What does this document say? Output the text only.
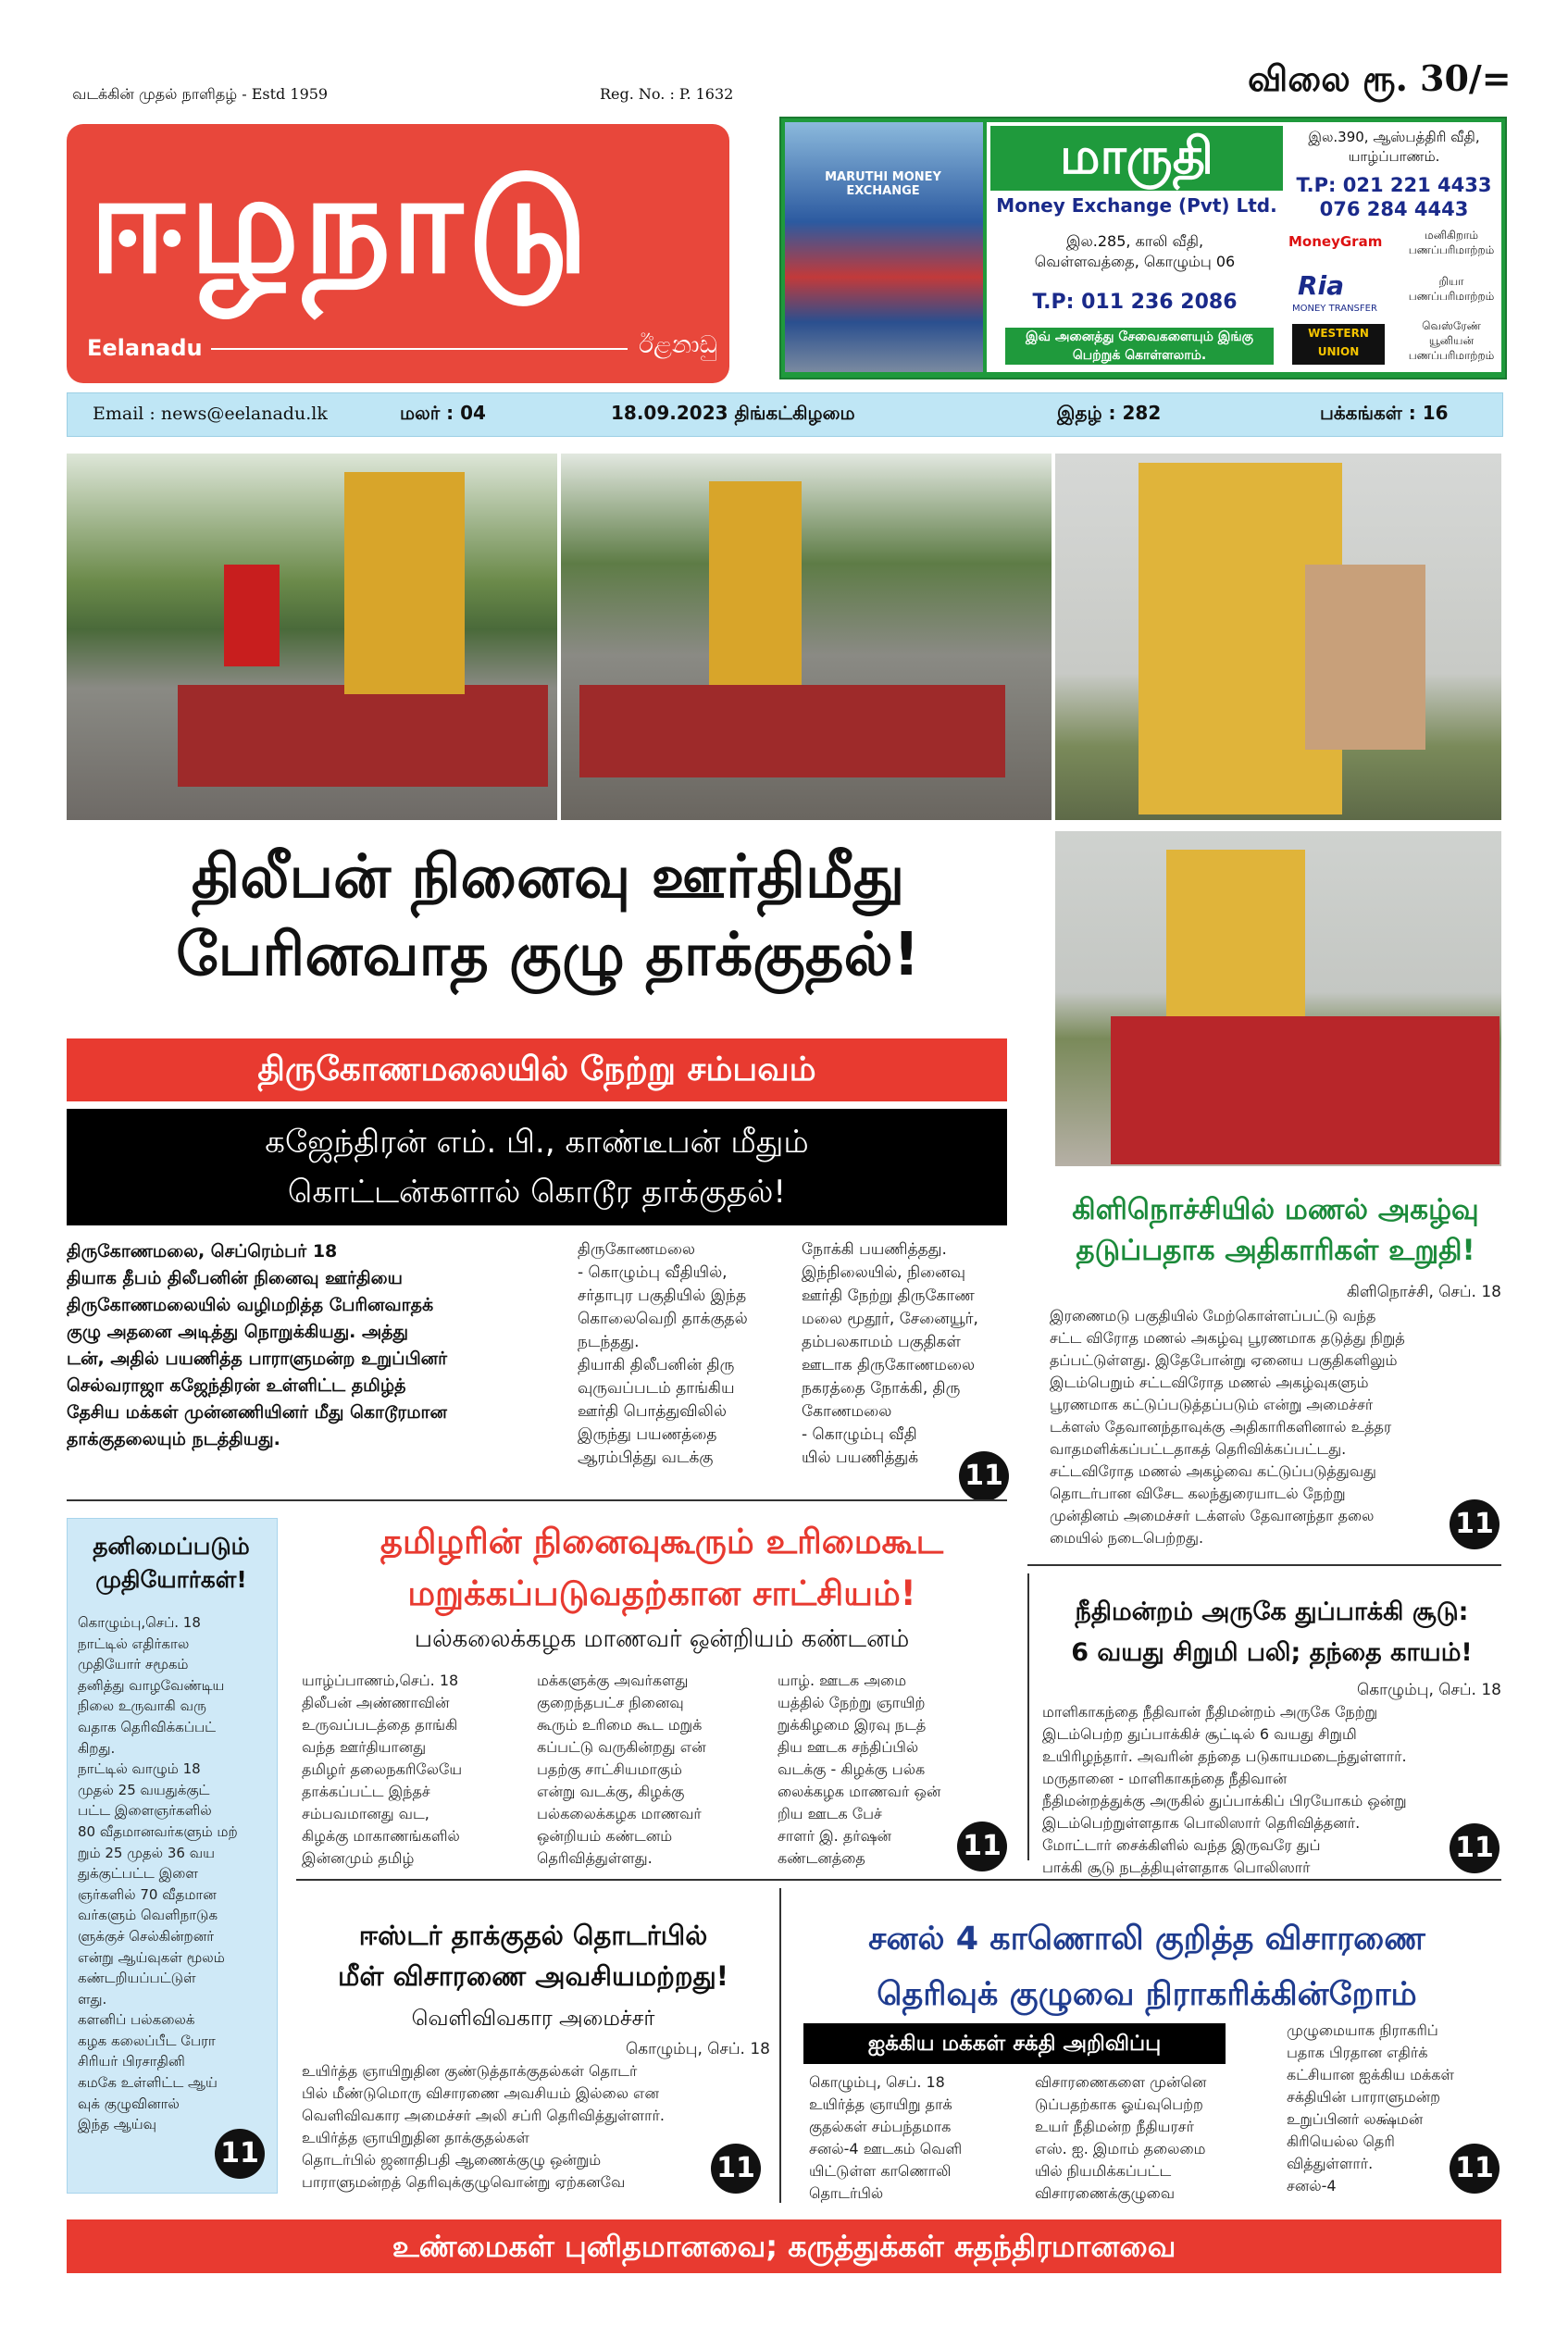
வடக்கின் முதல் நாளிதழ் - Estd 1959	Reg. No. : P. 1632	விலை ரூ. 30/=
ஈழநாடு
Eelanadu	ඊළනාඩු
MARUTHI MONEY EXCHANGE
மாருதி
Money Exchange (Pvt) Ltd.
இல.285, காலி வீதி, வெள்ளவத்தை, கொழும்பு 06
T.P: 011 236 2086
இவ் அனைத்து சேவைகளையும் இங்கு பெற்றுக் கொள்ளலாம்.
இல.390, ஆஸ்பத்திரி வீதி, யாழ்ப்பாணம்.
T.P: 021 221 4433
076 284 4443
MoneyGram	மனிகிறாம் பணப்பரிமாற்றம்
Ria
MONEY TRANSFER
றியா பணப்பரிமாற்றம்
WESTERN UNION
வெஸ்ரேண் யூனியன் பணப்பரிமாற்றம்
Email : news@eelanadu.lk	மலர் : 04	18.09.2023 திங்கட்கிழமை	இதழ் : 282	பக்கங்கள் : 16
திலீபன் நினைவு ஊர்திமீது
பேரினவாத குழு தாக்குதல்!
திருகோணமலையில் நேற்று சம்பவம்
கஜேந்திரன் எம். பி., காண்டீபன் மீதும்
கொட்டன்களால் கொடூர தாக்குதல்!
திருகோணமலை, செப்ரெம்பர் 18
தியாக தீபம் திலீபனின் நினைவு ஊர்தியை
திருகோணமலையில் வழிமறித்த பேரினவாதக்
குழு அதனை அடித்து நொறுக்கியது. அத்து
டன், அதில் பயணித்த பாராளுமன்ற உறுப்பினர்
செல்வராஜா கஜேந்திரன் உள்ளிட்ட தமிழ்த்
தேசிய மக்கள் முன்னணியினர் மீது கொடூரமான
தாக்குதலையும் நடத்தியது.
திருகோணமலை
- கொழும்பு வீதியில்,
சர்தாபுர பகுதியில் இந்த
கொலைவெறி தாக்குதல்
நடந்தது.
தியாகி திலீபனின் திரு
வுருவப்படம் தாங்கிய
ஊர்தி பொத்துவிலில்
இருந்து பயணத்தை
ஆரம்பித்து வடக்கு
நோக்கி பயணித்தது.
இந்நிலையில், நினைவு
ஊர்தி நேற்று திருகோண
மலை மூதூர், சேனையூர்,
தம்பலகாமம் பகுதிகள்
ஊடாக திருகோணமலை
நகரத்தை நோக்கி, திரு
கோணமலை
- கொழும்பு வீதி
யில் பயணித்துக்
11
கிளிநொச்சியில் மணல் அகழ்வு
தடுப்பதாக அதிகாரிகள் உறுதி!
கிளிநொச்சி, செப். 18
இரணைமடு பகுதியில் மேற்கொள்ளப்பட்டு வந்த
சட்ட விரோத மணல் அகழ்வு பூரணமாக தடுத்து நிறுத்
தப்பட்டுள்ளது. இதேபோன்று ஏனைய பகுதிகளிலும்
இடம்பெறும் சட்டவிரோத மணல் அகழ்வுகளும்
பூரணமாக கட்டுப்படுத்தப்படும் என்று அமைச்சர்
டக்ளஸ் தேவானந்தாவுக்கு அதிகாரிகளினால் உத்தர
வாதமளிக்கப்பட்டதாகத் தெரிவிக்கப்பட்டது.
சட்டவிரோத மணல் அகழ்வை கட்டுப்படுத்துவது
தொடர்பான விசேட கலந்துரையாடல் நேற்று
முன்தினம் அமைச்சர் டக்ளஸ் தேவானந்தா தலை
மையில் நடைபெற்றது.	11
தனிமைப்படும்
முதியோர்கள்!
கொழும்பு,செப். 18
நாட்டில் எதிர்கால
முதியோர் சமூகம்
தனித்து வாழவேண்டிய
நிலை உருவாகி வரு
வதாக தெரிவிக்கப்பட்
கிறது.
நாட்டில் வாழும் 18
முதல் 25 வயதுக்குட்
பட்ட இளைஞர்களில்
80 வீதமானவர்களும் மற்
றும் 25 முதல் 36 வய
துக்குட்பட்ட இளை
ஞர்களில் 70 வீதமான
வர்களும் வெளிநாடுக
ளுக்குச் செல்கின்றனர்
என்று ஆய்வுகள் மூலம்
கண்டறியப்பட்டுள்
ளது.
களனிப் பல்கலைக்
கழக கலைப்பீட பேரா
சிரியர் பிரசாதினி
கமகே உள்ளிட்ட ஆய்
வுக் குழுவினால்
இந்த ஆய்வு
11
தமிழரின் நினைவுகூரும் உரிமைகூட
மறுக்கப்படுவதற்கான சாட்சியம்!
பல்கலைக்கழக மாணவர் ஒன்றியம் கண்டனம்
யாழ்ப்பாணம்,செப். 18
திலீபன் அண்ணாவின்
உருவப்படத்தை தாங்கி
வந்த ஊர்தியானது
தமிழர் தலைநகரிலேயே
தாக்கப்பட்ட இந்தச்
சம்பவமானது வட,
கிழக்கு மாகாணங்களில்
இன்னமும் தமிழ்
மக்களுக்கு அவர்களது
குறைந்தபட்ச நினைவு
கூரும் உரிமை கூட மறுக்
கப்பட்டு வருகின்றது என்
பதற்கு சாட்சியமாகும்
என்று வடக்கு, கிழக்கு
பல்கலைக்கழக மாணவர்
ஒன்றியம் கண்டனம்
தெரிவித்துள்ளது.
யாழ். ஊடக அமை
யத்தில் நேற்று ஞாயிற்
றுக்கிழமை இரவு நடத்
திய ஊடக சந்திப்பில்
வடக்கு - கிழக்கு பல்க
லைக்கழக மாணவர் ஒன்
றிய ஊடக பேச்
சாளர் இ. தர்ஷன்
கண்டனத்தை	11
நீதிமன்றம் அருகே துப்பாக்கி சூடு:
6 வயது சிறுமி பலி; தந்தை காயம்!
கொழும்பு, செப். 18
மாளிகாகந்தை நீதிவான் நீதிமன்றம் அருகே நேற்று
இடம்பெற்ற துப்பாக்கிச் சூட்டில் 6 வயது சிறுமி
உயிரிழந்தார். அவரின் தந்தை படுகாயமடைந்துள்ளார்.
மருதானை - மாளிகாகந்தை நீதிவான்
நீதிமன்றத்துக்கு அருகில் துப்பாக்கிப் பிரயோகம் ஒன்று
இடம்பெற்றுள்ளதாக பொலிஸார் தெரிவித்தனர்.
மோட்டார் சைக்கிளில் வந்த இருவரே துப்
பாக்கி சூடு நடத்தியுள்ளதாக பொலிஸார்
11
ஈஸ்டர் தாக்குதல் தொடர்பில்
மீள் விசாரணை அவசியமற்றது!
வெளிவிவகார அமைச்சர்
கொழும்பு, செப். 18
உயிர்த்த ஞாயிறுதின குண்டுத்தாக்குதல்கள் தொடர்
பில் மீண்டுமொரு விசாரணை அவசியம் இல்லை என
வெளிவிவகார அமைச்சர் அலி சப்ரி தெரிவித்துள்ளார்.
உயிர்த்த ஞாயிறுதின தாக்குதல்கள்
தொடர்பில் ஜனாதிபதி ஆணைக்குழு ஒன்றும்
பாராளுமன்றத் தெரிவுக்குழுவொன்று ஏற்கனவே	11
சனல் 4 காணொலி குறித்த விசாரணை
தெரிவுக் குழுவை நிராகரிக்கின்றோம்
ஐக்கிய மக்கள் சக்தி அறிவிப்பு
கொழும்பு, செப். 18
உயிர்த்த ஞாயிறு தாக்
குதல்கள் சம்பந்தமாக
சனல்-4 ஊடகம் வெளி
யிட்டுள்ள காணொலி
தொடர்பில்
விசாரணைகளை முன்னெ
டுப்பதற்காக ஓய்வுபெற்ற
உயர் நீதிமன்ற நீதியரசர்
எஸ். ஐ. இமாம் தலைமை
யில் நியமிக்கப்பட்ட
விசாரணைக்குழுவை
முழுமையாக நிராகரிப்
பதாக பிரதான எதிர்க்
கட்சியான ஐக்கிய மக்கள்
சக்தியின் பாராளுமன்ற
உறுப்பினர் லக்ஷ்மன்
கிரியெல்ல தெரி
வித்துள்ளார்.
சனல்-4
11
உண்மைகள் புனிதமானவை; கருத்துக்கள் சுதந்திரமானவை
